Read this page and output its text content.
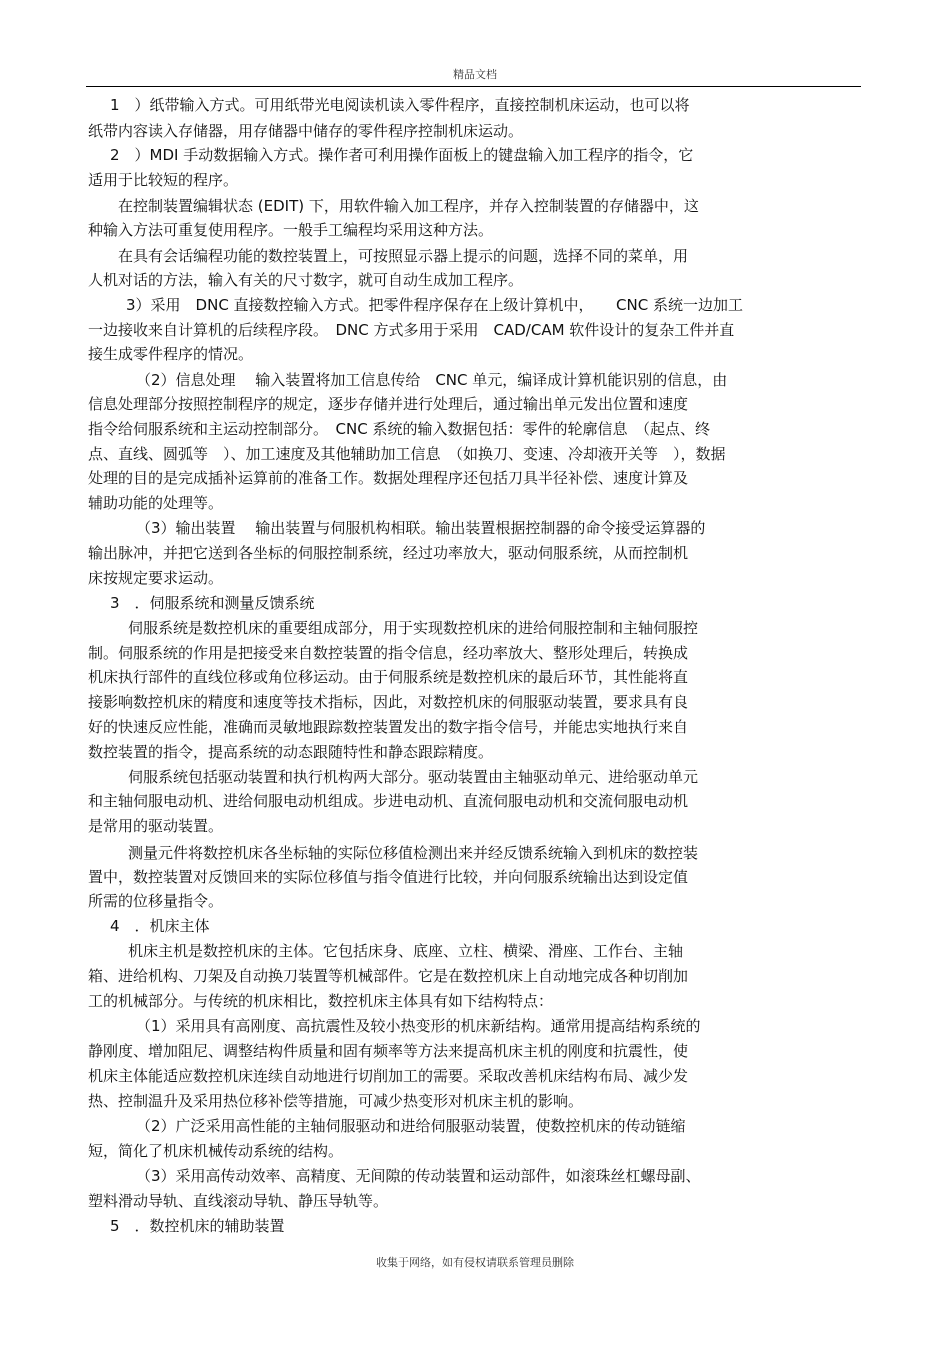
精品文档
1　）纸带输入方式。可用纸带光电阅读机读入零件程序，直接控制机床运动，也可以将
纸带内容读入存储器，用存储器中储存的零件程序控制机床运动。
2　）MDI 手动数据输入方式。操作者可利用操作面板上的键盘输入加工程序的指令，它
适用于比较短的程序。
在控制装置编辑状态 (EDIT) 下，用软件输入加工程序，并存入控制装置的存储器中，这
种输入方法可重复使用程序。一般手工编程均采用这种方法。
在具有会话编程功能的数控装置上，可按照显示器上提示的问题，选择不同的菜单，用
人机对话的方法，输入有关的尺寸数字，就可自动生成加工程序。
3）采用　DNC 直接数控输入方式。把零件程序保存在上级计算机中，　　CNC 系统一边加工
一边接收来自计算机的后续程序段。　DNC 方式多用于采用　CAD/CAM 软件设计的复杂工件并直
接生成零件程序的情况。
（2）信息处理　 输入装置将加工信息传给　CNC 单元，编译成计算机能识别的信息，由
信息处理部分按照控制程序的规定，逐步存储并进行处理后，通过输出单元发出位置和速度
指令给伺服系统和主运动控制部分。　CNC 系统的输入数据包括：零件的轮廓信息　（起点、终
点、直线、圆弧等　）、加工速度及其他辅助加工信息　（如换刀、变速、冷却液开关等　），数据
处理的目的是完成插补运算前的准备工作。数据处理程序还包括刀具半径补偿、速度计算及
辅助功能的处理等。
（3）输出装置　 输出装置与伺服机构相联。输出装置根据控制器的命令接受运算器的
输出脉冲，并把它送到各坐标的伺服控制系统，经过功率放大，驱动伺服系统，从而控制机
床按规定要求运动。
3　．伺服系统和测量反馈系统
伺服系统是数控机床的重要组成部分，用于实现数控机床的进给伺服控制和主轴伺服控
制。伺服系统的作用是把接受来自数控装置的指令信息，经功率放大、整形处理后，转换成
机床执行部件的直线位移或角位移运动。由于伺服系统是数控机床的最后环节，其性能将直
接影响数控机床的精度和速度等技术指标，因此，对数控机床的伺服驱动装置，要求具有良
好的快速反应性能，准确而灵敏地跟踪数控装置发出的数字指令信号，并能忠实地执行来自
数控装置的指令，提高系统的动态跟随特性和静态跟踪精度。
伺服系统包括驱动装置和执行机构两大部分。驱动装置由主轴驱动单元、进给驱动单元
和主轴伺服电动机、进给伺服电动机组成。步进电动机、直流伺服电动机和交流伺服电动机
是常用的驱动装置。
测量元件将数控机床各坐标轴的实际位移值检测出来并经反馈系统输入到机床的数控装
置中，数控装置对反馈回来的实际位移值与指令值进行比较，并向伺服系统输出达到设定值
所需的位移量指令。
4　．机床主体
机床主机是数控机床的主体。它包括床身、底座、立柱、横梁、滑座、工作台、主轴
箱、进给机构、刀架及自动换刀装置等机械部件。它是在数控机床上自动地完成各种切削加
工的机械部分。与传统的机床相比，数控机床主体具有如下结构特点：
（1）采用具有高刚度、高抗震性及较小热变形的机床新结构。通常用提高结构系统的
静刚度、增加阻尼、调整结构件质量和固有频率等方法来提高机床主机的刚度和抗震性，使
机床主体能适应数控机床连续自动地进行切削加工的需要。采取改善机床结构布局、减少发
热、控制温升及采用热位移补偿等措施，可减少热变形对机床主机的影响。
（2）广泛采用高性能的主轴伺服驱动和进给伺服驱动装置，使数控机床的传动链缩
短，简化了机床机械传动系统的结构。
（3）采用高传动效率、高精度、无间隙的传动装置和运动部件，如滚珠丝杠螺母副、
塑料滑动导轨、直线滚动导轨、静压导轨等。
5　．数控机床的辅助装置
收集于网络，如有侵权请联系管理员删除
